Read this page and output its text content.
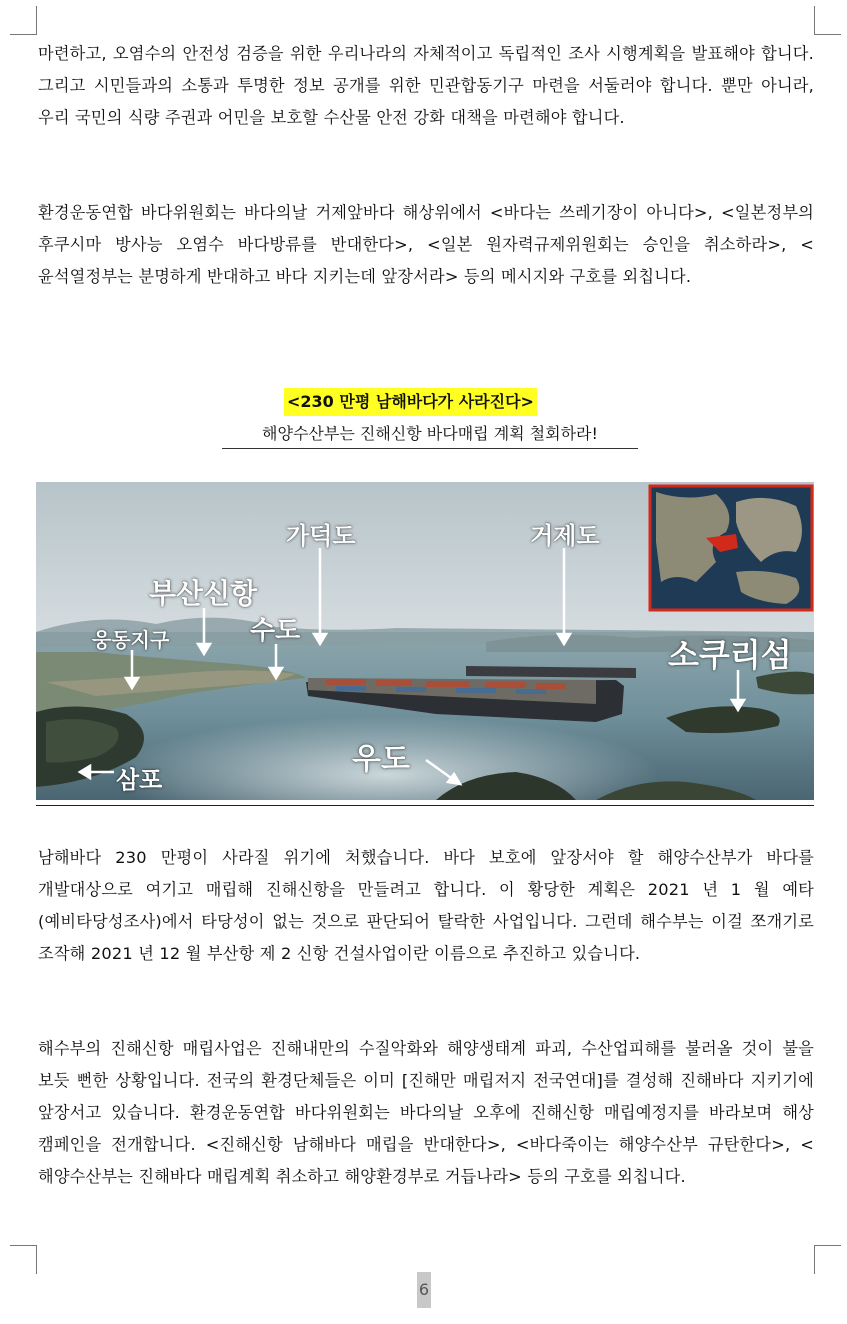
마련하고, 오염수의 안전성 검증을 위한 우리나라의 자체적이고 독립적인 조사 시행계획을 발표해야 합니다. 그리고 시민들과의 소통과 투명한 정보 공개를 위한 민관합동기구 마련을 서둘러야 합니다. 뿐만 아니라, 우리 국민의 식량 주권과 어민을 보호할 수산물 안전 강화 대책을 마련해야 합니다.
환경운동연합 바다위원회는 바다의날 거제앞바다 해상위에서 <바다는 쓰레기장이 아니다>, <일본정부의 후쿠시마 방사능 오염수 바다방류를 반대한다>, <일본 원자력규제위원회는 승인을 취소하라>, <윤석열정부는 분명하게 반대하고 바다 지키는데 앞장서라> 등의 메시지와 구호를 외칩니다.
<230 만평 남해바다가 사라진다>
해양수산부는 진해신항 바다매립 계획 철회하라!
가덕도	거제도
부산신항
웅동지구	수도
소쿠리섬
우도
삼포
남해바다 230 만평이 사라질 위기에 처했습니다. 바다 보호에 앞장서야 할 해양수산부가 바다를 개발대상으로 여기고 매립해 진해신항을 만들려고 합니다. 이 황당한 계획은 2021 년 1 월 예타(예비타당성조사)에서 타당성이 없는 것으로 판단되어 탈락한 사업입니다. 그런데 해수부는 이걸 쪼개기로 조작해 2021 년 12 월 부산항 제 2 신항 건설사업이란 이름으로 추진하고 있습니다.
해수부의 진해신항 매립사업은 진해내만의 수질악화와 해양생태계 파괴, 수산업피해를 불러올 것이 불을 보듯 뻔한 상황입니다. 전국의 환경단체들은 이미 [진해만 매립저지 전국연대]를 결성해 진해바다 지키기에 앞장서고 있습니다. 환경운동연합 바다위원회는 바다의날 오후에 진해신항 매립예정지를 바라보며 해상 캠페인을 전개합니다. <진해신항 남해바다 매립을 반대한다>, <바다죽이는 해양수산부 규탄한다>, <해양수산부는 진해바다 매립계획 취소하고 해양환경부로 거듭나라> 등의 구호를 외칩니다.
6
